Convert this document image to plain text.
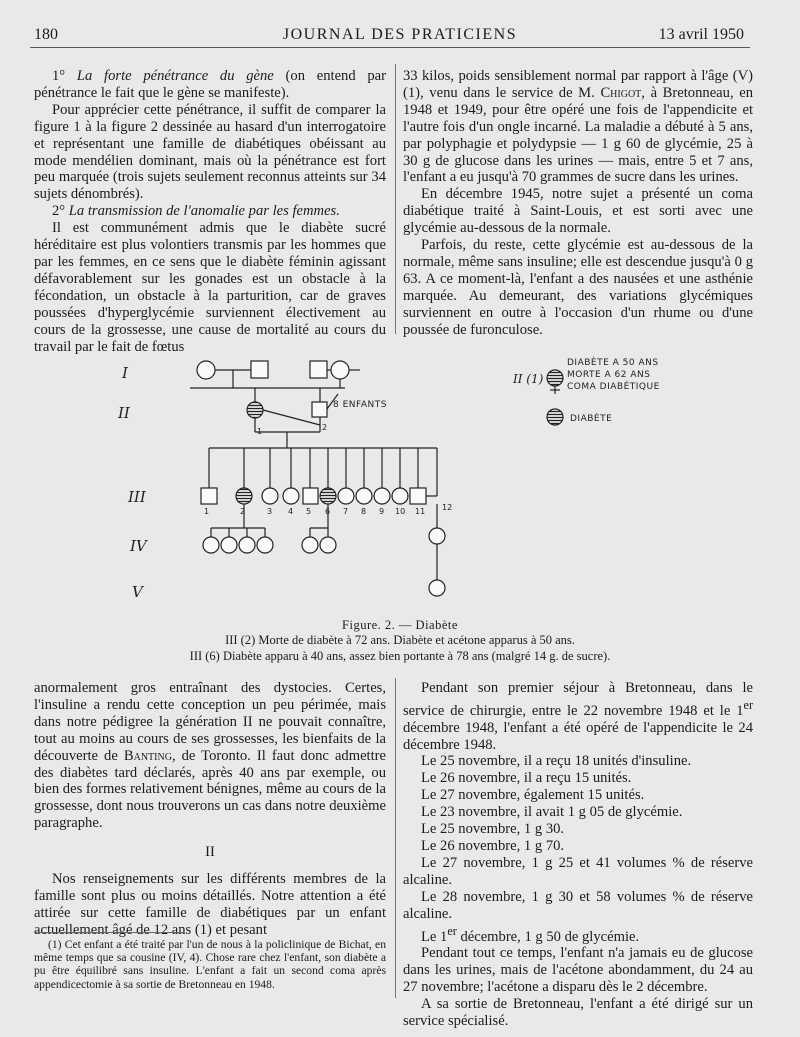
180	JOURNAL DES PRATICIENS	13 avril 1950

1° La forte pénétrance du gène (on entend par pénétrance le fait que le gène se manifeste).

Pour apprécier cette pénétrance, il suffit de comparer la figure 1 à la figure 2 dessinée au hasard d'un interrogatoire et représentant une famille de diabétiques obéissant au mode mendélien dominant, mais où la pénétrance est fort peu marquée (trois sujets seulement reconnus atteints sur 34 sujets dénombrés).

2° La transmission de l'anomalie par les femmes.

Il est communément admis que le diabète sucré héréditaire est plus volontiers transmis par les hommes que par les femmes, en ce sens que le diabète féminin agissant défavorablement sur les gonades est un obstacle à la fécondation, un obstacle à la parturition, car de graves poussées d'hyperglycémie surviennent électivement au cours de la grossesse, une cause de mortalité au cours du travail par le fait de fœtus

33 kilos, poids sensiblement normal par rapport à l'âge (V) (1), venu dans le service de M. Chigot, à Bretonneau, en 1948 et 1949, pour être opéré une fois de l'appendicite et l'autre fois d'un ongle incarné. La maladie a débuté à 5 ans, par polyphagie et polydypsie — 1 g 60 de glycémie, 25 à 30 g de glucose dans les urines — mais, entre 5 et 7 ans, l'enfant a eu jusqu'à 70 grammes de sucre dans les urines.

En décembre 1945, notre sujet a présenté un coma diabétique traité à Saint-Louis, et est sorti avec une glycémie au-dessous de la normale.

Parfois, du reste, cette glycémie est au-dessous de la normale, même sans insuline; elle est descendue jusqu'à 0 g 63. A ce moment-là, l'enfant a des nausées et une asthénie marquée. Au demeurant, des variations glycémiques surviennent en outre à l'occasion d'un rhume ou d'une poussée de furonculose.

I
II
III
IV
V
8 ENFANTS
1	2
1	2	3 4 5 6 7 8 9 10 11 12
II (1)
DIABÈTE A 50 ANS
MORTE A 62 ANS
COMA DIABÉTIQUE
DIABÈTE
Figure. 2. — Diabète
III (2) Morte de diabète à 72 ans. Diabète et acétone apparus à 50 ans.
III (6) Diabète apparu à 40 ans, assez bien portante à 78 ans (malgré 14 g. de sucre).

anormalement gros entraînant des dystocies. Certes, l'insuline a rendu cette conception un peu périmée, mais dans notre pédigree la génération II ne pouvait connaître, tout au moins au cours de ses grossesses, les bienfaits de la découverte de Banting, de Toronto. Il faut donc admettre des diabètes tard déclarés, après 40 ans par exemple, ou bien des formes relativement bénignes, même au cours de la grossesse, dont nous trouverons un cas dans notre deuxième paragraphe.

II

Nos renseignements sur les différents membres de la famille sont plus ou moins détaillés. Notre attention a été attirée sur cette famille de diabétiques par un enfant actuellement âgé de 12 ans (1) et pesant

(1) Cet enfant a été traité par l'un de nous à la policlinique de Bichat, en même temps que sa cousine (IV, 4). Chose rare chez l'enfant, son diabète a pu être équilibré sans insuline. L'enfant a fait un second coma après appendicectomie à sa sortie de Bretonneau en 1948.

Pendant son premier séjour à Bretonneau, dans le service de chirurgie, entre le 22 novembre 1948 et le 1er décembre 1948, l'enfant a été opéré de l'appendicite le 24 décembre 1948.

Le 25 novembre, il a reçu 18 unités d'insuline.

Le 26 novembre, il a reçu 15 unités.

Le 27 novembre, également 15 unités.

Le 23 novembre, il avait 1 g 05 de glycémie.

Le 25 novembre, 1 g 30.

Le 26 novembre, 1 g 70.

Le 27 novembre, 1 g 25 et 41 volumes % de réserve alcaline.

Le 28 novembre, 1 g 30 et 58 volumes % de réserve alcaline.

Le 1er décembre, 1 g 50 de glycémie.

Pendant tout ce temps, l'enfant n'a jamais eu de glucose dans les urines, mais de l'acétone abondamment, du 24 au 27 novembre; l'acétone a disparu dès le 2 décembre.

A sa sortie de Bretonneau, l'enfant a été dirigé sur un service spécialisé.
